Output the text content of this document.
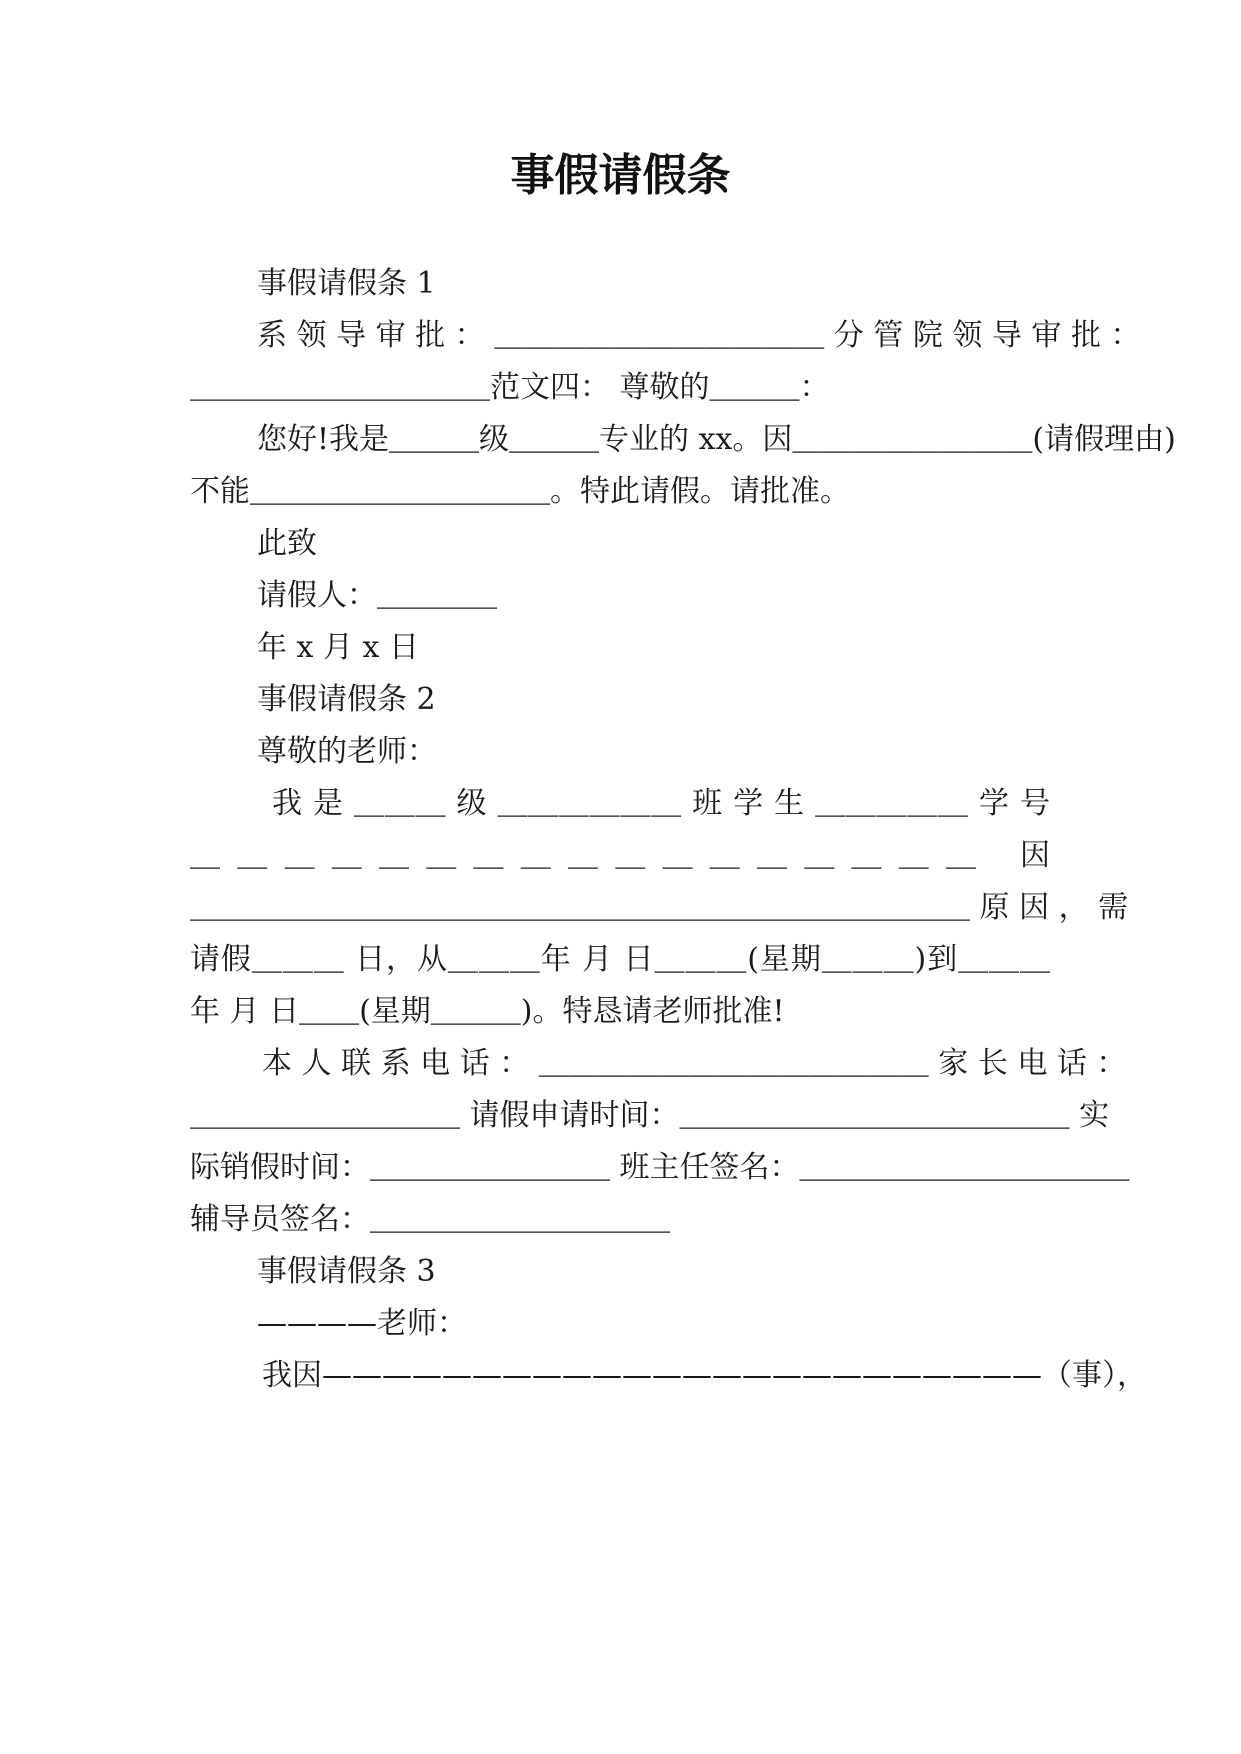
事假请假条
事假请假条 1
系 领 导 审 批 ： ＿＿＿＿＿＿＿＿＿＿＿ 分 管 院 领 导 审 批 ：
＿＿＿＿＿＿＿＿＿＿范文四： 尊敬的＿＿＿：
您好!我是＿＿＿级＿＿＿专业的 xx。因＿＿＿＿＿＿＿＿(请假理由)
不能＿＿＿＿＿＿＿＿＿＿。特此请假。请批准。
此致
请假人：＿＿＿＿
年 x 月 x 日
事假请假条 2
尊敬的老师：
我 是 ＿＿＿ 级 ＿＿＿＿＿＿ 班 学 生 ＿＿＿＿＿ 学 号
＿＿＿＿＿＿＿＿＿＿＿＿＿＿＿＿＿ 因
＿＿＿＿＿＿＿＿＿＿＿＿＿＿＿＿＿＿＿＿＿＿＿＿＿＿ 原 因 ， 需
请假＿＿＿ 日，从＿＿＿年 月 日＿＿＿(星期＿＿＿)到＿＿＿
年 月 日＿＿(星期＿＿＿)。特恳请老师批准!
本 人 联 系 电 话 ： ＿＿＿＿＿＿＿＿＿＿＿＿＿ 家 长 电 话 ：
＿＿＿＿＿＿＿＿＿ 请假申请时间：＿＿＿＿＿＿＿＿＿＿＿＿＿ 实
际销假时间：＿＿＿＿＿＿＿＿ 班主任签名：＿＿＿＿＿＿＿＿＿＿＿
辅导员签名：＿＿＿＿＿＿＿＿＿＿
事假请假条 3
————老师：
我因————————————————————————（事），
